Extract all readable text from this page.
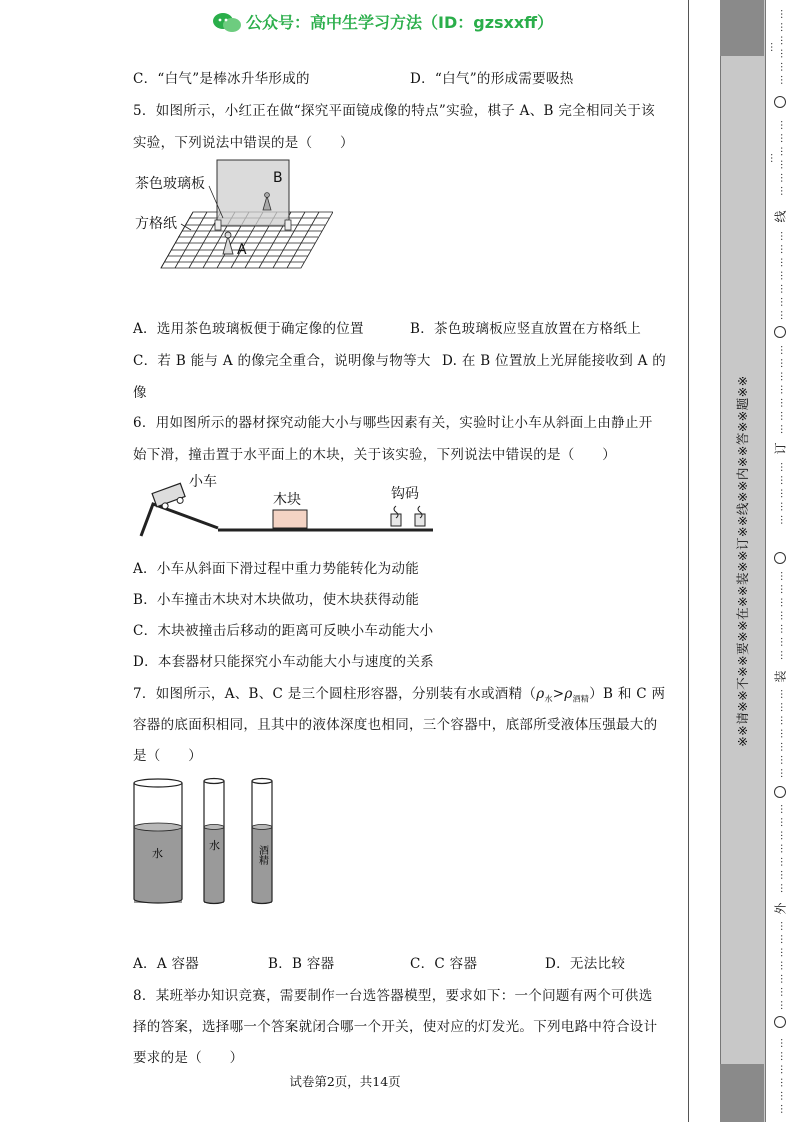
公众号：高中生学习方法（ID：gzsxxff）
C．“白气”是棒冰升华形成的	D．“白气”的形成需要吸热
5．如图所示，小红正在做“探究平面镜成像的特点”实验，棋子 A、B 完全相同关于该
实验，下列说法中错误的是（　　）
茶色玻璃板
方格纸
B
A
A．选用茶色玻璃板便于确定像的位置	B．茶色玻璃板应竖直放置在方格纸上
C．若 B 能与 A 的像完全重合，说明像与物等大 D. 在 B 位置放上光屏能接收到 A 的
像
6．用如图所示的器材探究动能大小与哪些因素有关，实验时让小车从斜面上由静止开
始下滑，撞击置于水平面上的木块，关于该实验，下列说法中错误的是（　　）
小车
木块	钩码
A．小车从斜面下滑过程中重力势能转化为动能
B．小车撞击木块对木块做功，使木块获得动能
C．木块被撞击后移动的距离可反映小车动能大小
D．本套器材只能探究小车动能大小与速度的关系
7．如图所示，A、B、C 是三个圆柱形容器，分别装有水或酒精$(\rho_水>\rho_{酒精})B$ 和 C 两
容器的底面积相同，且其中的液体深度也相同，三个容器中，底部所受液体压强最大的
是（　　）
水
水	酒精
A．A 容器	B．B 容器	C．C 容器	D．无法比较
8．某班举办知识竞赛，需要制作一台选答器模型，要求如下：一个问题有两个可供选
择的答案，选择哪一个答案就闭合哪一个开关，使对应的灯发光。下列电路中符合设计
要求的是（　　）
试卷第2页，共14页
※※请※※不※※要※※在※※装※※订※※线※※内※※答※※题※※
… … … … … … …
… … … … … … …
线
… … … … … … …
… … … … … … …
订
… … … … …
… … … … … … …
装
… … … … … … …
… … … … … … …
外
… … … … … … …
… … … … … …
